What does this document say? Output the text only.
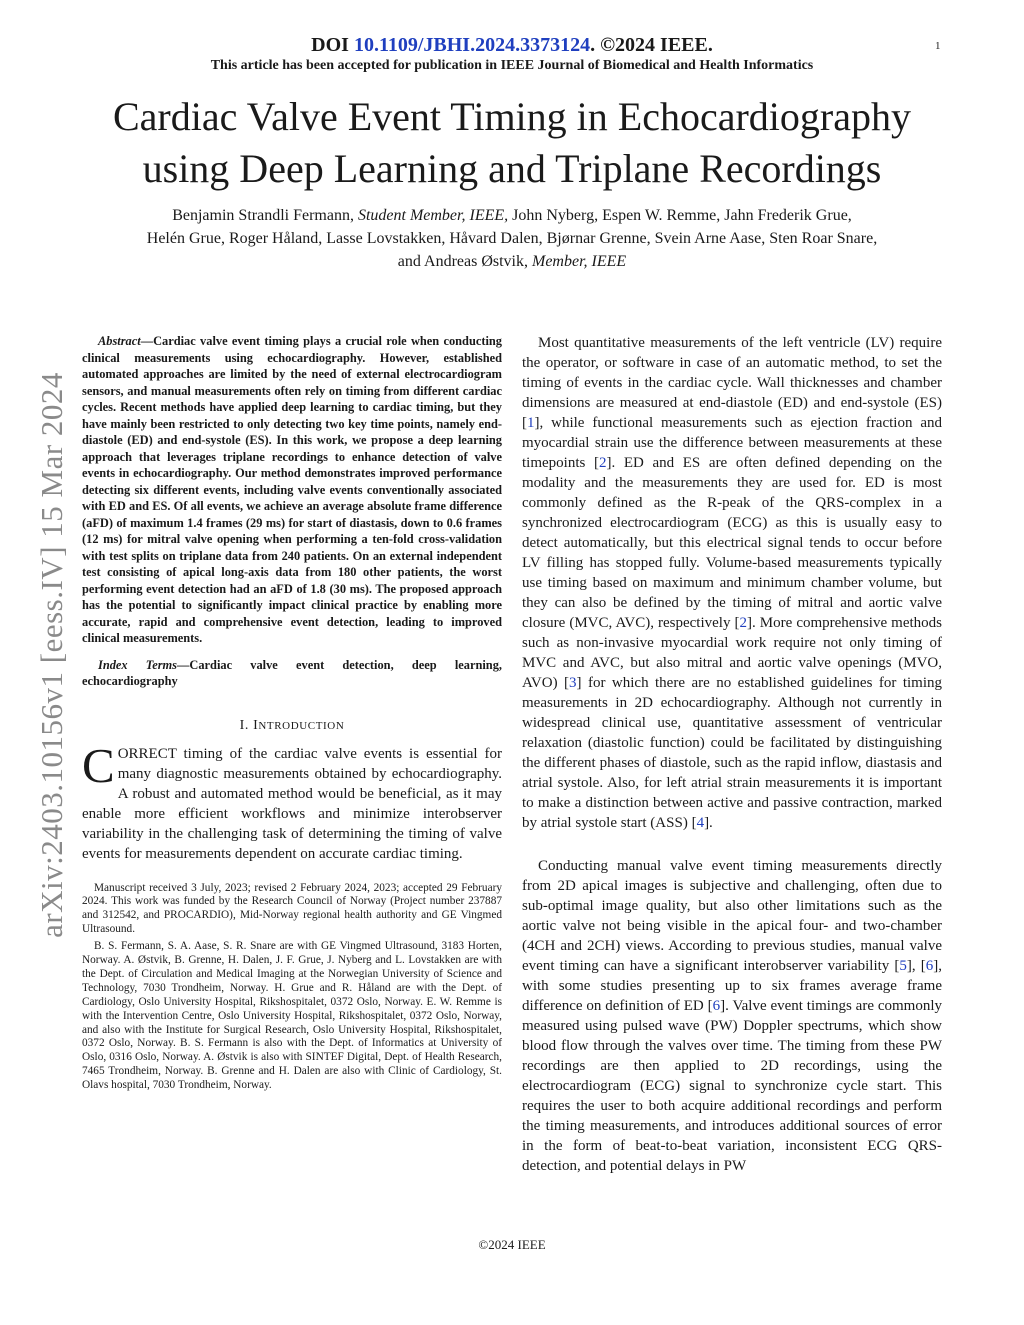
DOI 10.1109/JBHI.2024.3373124. ©2024 IEEE.	1
This article has been accepted for publication in IEEE Journal of Biomedical and Health Informatics
Cardiac Valve Event Timing in Echocardiography
using Deep Learning and Triplane Recordings
Benjamin Strandli Fermann, Student Member, IEEE, John Nyberg, Espen W. Remme, Jahn Frederik Grue,
Helén Grue, Roger Håland, Lasse Lovstakken, Håvard Dalen, Bjørnar Grenne, Svein Arne Aase, Sten Roar Snare,
and Andreas Østvik, Member, IEEE
arXiv:2403.10156v1 [eess.IV] 15 Mar 2024

Abstract—Cardiac valve event timing plays a crucial role when conducting clinical measurements using echocardiography. However, established automated approaches are limited by the need of external electrocardiogram sensors, and manual measurements often rely on timing from different cardiac cycles. Recent methods have applied deep learning to cardiac timing, but they have mainly been restricted to only detecting two key time points, namely end-diastole (ED) and end-systole (ES). In this work, we propose a deep learning approach that leverages triplane recordings to enhance detection of valve events in echocardiography. Our method demonstrates improved performance detecting six different events, including valve events conventionally associated with ED and ES. Of all events, we achieve an average absolute frame difference (aFD) of maximum 1.4 frames (29 ms) for start of diastasis, down to 0.6 frames (12 ms) for mitral valve opening when performing a ten-fold cross-validation with test splits on triplane data from 240 patients. On an external independent test consisting of apical long-axis data from 180 other patients, the worst performing event detection had an aFD of 1.8 (30 ms). The proposed approach has the potential to significantly impact clinical practice by enabling more accurate, rapid and comprehensive event detection, leading to improved clinical measurements.

Index Terms—Cardiac valve event detection, deep learning, echocardiography

I. INTRODUCTION

CORRECT timing of the cardiac valve events is essential for many diagnostic measurements obtained by echocardiography. A robust and automated method would be beneficial, as it may enable more efficient workflows and minimize interobserver variability in the challenging task of determining the timing of valve events for measurements dependent on accurate cardiac timing.

Manuscript received 3 July, 2023; revised 2 February 2024, 2023; accepted 29 February 2024. This work was funded by the Research Council of Norway (Project number 237887 and 312542, and PROCARDIO), Mid-Norway regional health authority and GE Vingmed Ultrasound.

B. S. Fermann, S. A. Aase, S. R. Snare are with GE Vingmed Ultrasound, 3183 Horten, Norway. A. Østvik, B. Grenne, H. Dalen, J. F. Grue, J. Nyberg and L. Lovstakken are with the Dept. of Circulation and Medical Imaging at the Norwegian University of Science and Technology, 7030 Trondheim, Norway. H. Grue and R. Håland are with the Dept. of Cardiology, Oslo University Hospital, Rikshospitalet, 0372 Oslo, Norway. E. W. Remme is with the Intervention Centre, Oslo University Hospital, Rikshospitalet, 0372 Oslo, Norway, and also with the Institute for Surgical Research, Oslo University Hospital, Rikshospitalet, 0372 Oslo, Norway. B. S. Fermann is also with the Dept. of Informatics at University of Oslo, 0316 Oslo, Norway. A. Østvik is also with SINTEF Digital, Dept. of Health Research, 7465 Trondheim, Norway. B. Grenne and H. Dalen are also with Clinic of Cardiology, St. Olavs hospital, 7030 Trondheim, Norway.

Most quantitative measurements of the left ventricle (LV) require the operator, or software in case of an automatic method, to set the timing of events in the cardiac cycle. Wall thicknesses and chamber dimensions are measured at end-diastole (ED) and end-systole (ES) [1], while functional measurements such as ejection fraction and myocardial strain use the difference between measurements at these timepoints [2]. ED and ES are often defined depending on the modality and the measurements they are used for. ED is most commonly defined as the R-peak of the QRS-complex in a synchronized electrocardiogram (ECG) as this is usually easy to detect automatically, but this electrical signal tends to occur before LV filling has stopped fully. Volume-based measurements typically use timing based on maximum and minimum chamber volume, but they can also be defined by the timing of mitral and aortic valve closure (MVC, AVC), respectively [2]. More comprehensive methods such as non-invasive myocardial work require not only timing of MVC and AVC, but also mitral and aortic valve openings (MVO, AVO) [3] for which there are no established guidelines for timing measurements in 2D echocardiography. Although not currently in widespread clinical use, quantitative assessment of ventricular relaxation (diastolic function) could be facilitated by distinguishing the different phases of diastole, such as the rapid inflow, diastasis and atrial systole. Also, for left atrial strain measurements it is important to make a distinction between active and passive contraction, marked by atrial systole start (ASS) [4].

Conducting manual valve event timing measurements directly from 2D apical images is subjective and challenging, often due to sub-optimal image quality, but also other limitations such as the aortic valve not being visible in the apical four- and two-chamber (4CH and 2CH) views. According to previous studies, manual valve event timing can have a significant interobserver variability [5], [6], with some studies presenting up to six frames average frame difference on definition of ED [6]. Valve event timings are commonly measured using pulsed wave (PW) Doppler spectrums, which show blood flow through the valves over time. The timing from these PW recordings are then applied to 2D recordings, using the electrocardiogram (ECG) signal to synchronize cycle start. This requires the user to both acquire additional recordings and perform the timing measurements, and introduces additional sources of error in the form of beat-to-beat variation, inconsistent ECG QRS-detection, and potential delays in PW

©2024 IEEE
